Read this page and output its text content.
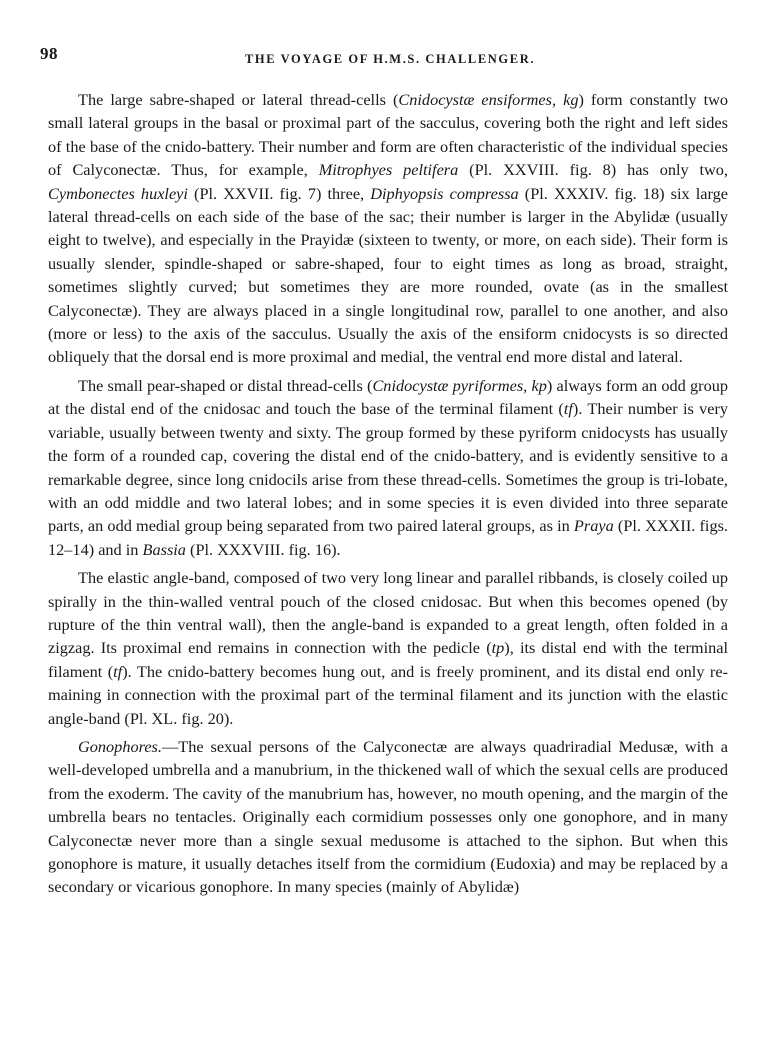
98	THE VOYAGE OF H.M.S. CHALLENGER.

The large sabre-shaped or lateral thread-cells (Cnidocystæ ensiformes, kg) form constantly two small lateral groups in the basal or proximal part of the sacculus, covering both the right and left sides of the base of the cnido-battery. Their number and form are often characteristic of the individual species of Calyconectæ. Thus, for example, Mitrophyes peltifera (Pl. XXVIII. fig. 8) has only two, Cymbonectes huxleyi (Pl. XXVII. fig. 7) three, Diphyopsis compressa (Pl. XXXIV. fig. 18) six large lateral thread-cells on each side of the base of the sac; their number is larger in the Abylidæ (usually eight to twelve), and especially in the Prayidæ (sixteen to twenty, or more, on each side). Their form is usually slender, spindle-shaped or sabre-shaped, four to eight times as long as broad, straight, sometimes slightly curved; but sometimes they are more rounded, ovate (as in the smallest Calyconectæ). They are always placed in a single longitudinal row, parallel to one another, and also (more or less) to the axis of the sacculus. Usually the axis of the ensiform cnidocysts is so directed obliquely that the dorsal end is more proximal and medial, the ventral end more distal and lateral.

The small pear-shaped or distal thread-cells (Cnidocystæ pyriformes, kp) always form an odd group at the distal end of the cnidosac and touch the base of the terminal filament (tf). Their number is very variable, usually between twenty and sixty. The group formed by these pyriform cnidocysts has usually the form of a rounded cap, covering the distal end of the cnido-battery, and is evidently sensitive to a remarkable degree, since long cnidocils arise from these thread-cells. Sometimes the group is tri-lobate, with an odd middle and two lateral lobes; and in some species it is even divided into three separate parts, an odd medial group being separated from two paired lateral groups, as in Praya (Pl. XXXII. figs. 12–14) and in Bassia (Pl. XXXVIII. fig. 16).

The elastic angle-band, composed of two very long linear and parallel ribbands, is closely coiled up spirally in the thin-walled ventral pouch of the closed cnidosac. But when this becomes opened (by rupture of the thin ventral wall), then the angle-band is expanded to a great length, often folded in a zigzag. Its proximal end remains in connection with the pedicle (tp), its distal end with the terminal filament (tf). The cnido-battery becomes hung out, and is freely prominent, and its distal end only re-maining in connection with the proximal part of the terminal filament and its junction with the elastic angle-band (Pl. XL. fig. 20).

Gonophores.—The sexual persons of the Calyconectæ are always quadriradial Medusæ, with a well-developed umbrella and a manubrium, in the thickened wall of which the sexual cells are produced from the exoderm. The cavity of the manubrium has, however, no mouth opening, and the margin of the umbrella bears no tentacles. Originally each cormidium possesses only one gonophore, and in many Calyconectæ never more than a single sexual medusome is attached to the siphon. But when this gonophore is mature, it usually detaches itself from the cormidium (Eudoxia) and may be replaced by a secondary or vicarious gonophore. In many species (mainly of Abylidæ)
